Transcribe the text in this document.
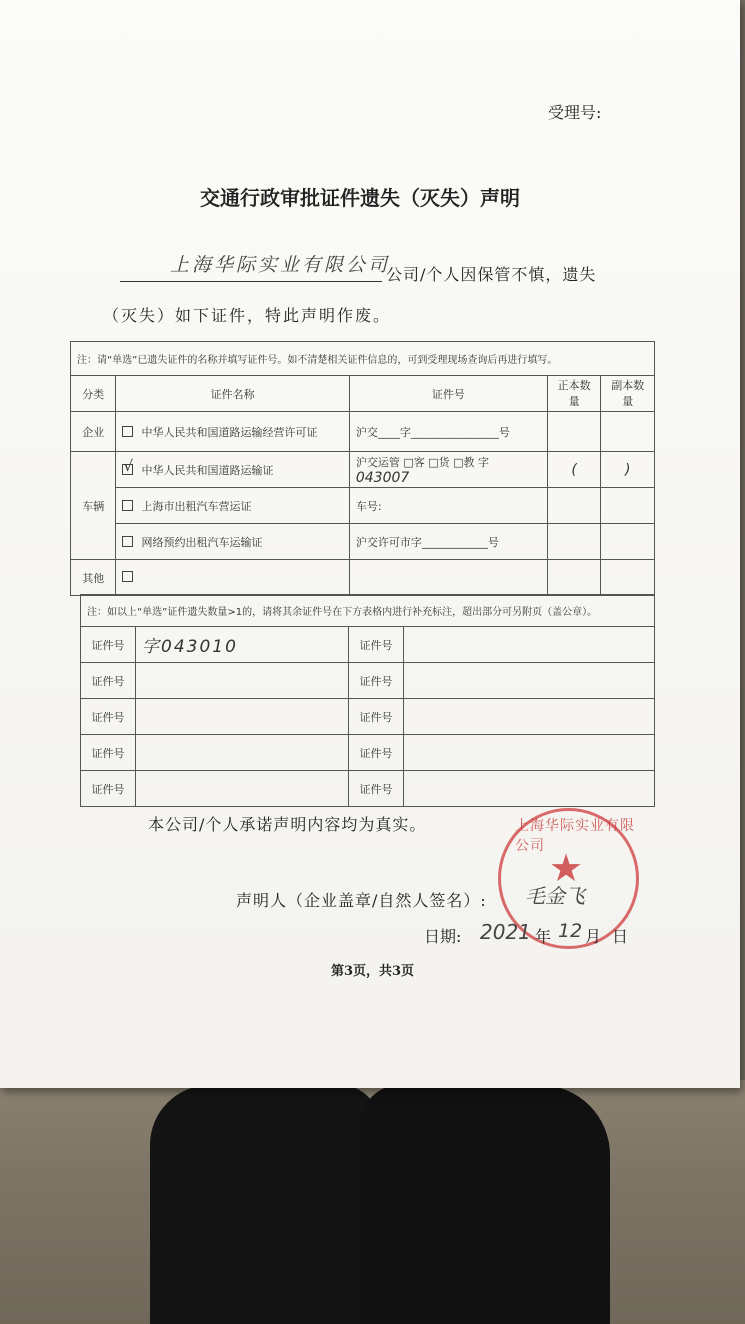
受理号:
交通行政审批证件遗失（灭失）声明
上海华际实业有限公司
公司/个人因保管不慎，遗失
（灭失）如下证件，特此声明作废。
注：请“单选”已遗失证件的名称并填写证件号。如不清楚相关证件信息的，可到受理现场查询后再进行填写。				
分类	证件名称	证件号	正本数量	副本数量
企业	中华人民共和国道路运输经营许可证	沪交____字________________号		
车辆	√ 中华人民共和国道路运输证	沪交运管 □客 □货 □教 字 043007	(	)
	上海市出租汽车营运证	车号:		
	网络预约出租汽车运输证	沪交许可市字____________号		
其他				
注：如以上“单选”证件遗失数量>1的，请将其余证件号在下方表格内进行补充标注，超出部分可另附页（盖公章）。			
证件号	字043010	证件号	
证件号		证件号	
证件号		证件号	
证件号		证件号	
证件号		证件号	
本公司/个人承诺声明内容均为真实。	上海华际实业有限公司 ★
声明人（企业盖章/自然人签名）: 毛金飞
日期: 2021 年 12 月 日
第3页，共3页
